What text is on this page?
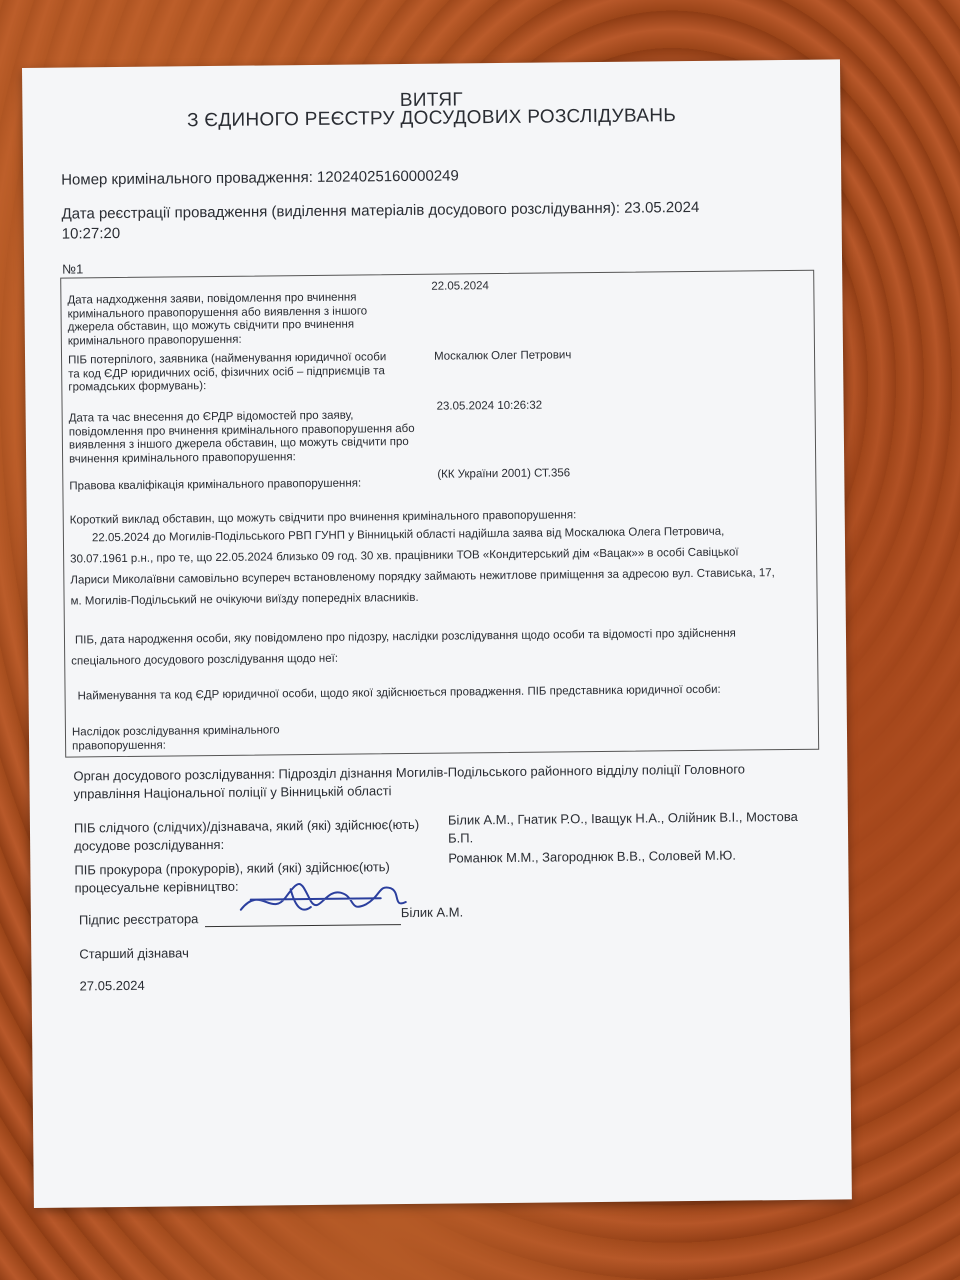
ВИТЯГ
З ЄДИНОГО РЕЄСТРУ ДОСУДОВИХ РОЗСЛІДУВАНЬ
Номер кримінального провадження: 12024025160000249
Дата реєстрації провадження (виділення матеріалів досудового розслідування): 23.05.2024
10:27:20
№1
Дата надходження заяви, повідомлення про вчинення
кримінального правопорушення або виявлення з іншого
джерела обставин, що можуть свідчити про вчинення
кримінального правопорушення:
22.05.2024
ПІБ потерпілого, заявника (найменування юридичної особи
та код ЄДР юридичних осіб, фізичних осіб – підприємців та
громадських формувань):
Москалюк Олег Петрович
Дата та час внесення до ЄРДР відомостей про заяву,
повідомлення про вчинення кримінального правопорушення або
виявлення з іншого джерела обставин, що можуть свідчити про
вчинення кримінального правопорушення:
23.05.2024 10:26:32
Правова кваліфікація кримінального правопорушення:
(КК України 2001) СТ.356
Короткий виклад обставин, що можуть свідчити про вчинення кримінального правопорушення:
22.05.2024 до Могилів-Подільського РВП ГУНП у Вінницькій області надійшла заява від Москалюка Олега Петровича,
30.07.1961 р.н., про те, що 22.05.2024 близько 09 год. 30 хв. працівники ТОВ «Кондитерський дім «Вацак»» в особі Савіцької
Лариси Миколаївни самовільно всупереч встановленому порядку займають нежитлове приміщення за адресою вул. Стависька, 17,
м. Могилів-Подільський не очікуючи виїзду попередніх власників.
ПІБ, дата народження особи, яку повідомлено про підозру, наслідки розслідування щодо особи та відомості про здійснення
спеціального досудового розслідування щодо неї:
Найменування та код ЄДР юридичної особи, щодо якої здійснюється провадження. ПІБ представника юридичної особи:
Наслідок розслідування кримінального
правопорушення:
Орган досудового розслідування: Підрозділ дізнання Могилів-Подільського районного відділу поліції Головного
управління Національної поліції у Вінницькій області
ПІБ слідчого (слідчих)/дізнавача, який (які) здійснює(ють)
досудове розслідування:
Білик А.М., Гнатик Р.О., Іващук Н.А., Олійник В.І., Мостова
Б.П.
ПІБ прокурора (прокурорів), який (які) здійснює(ють)
процесуальне керівництво:
Романюк М.М., Загороднюк В.В., Соловей М.Ю.
Підпис реєстратора	Білик А.М.
Старший дізнавач
27.05.2024
